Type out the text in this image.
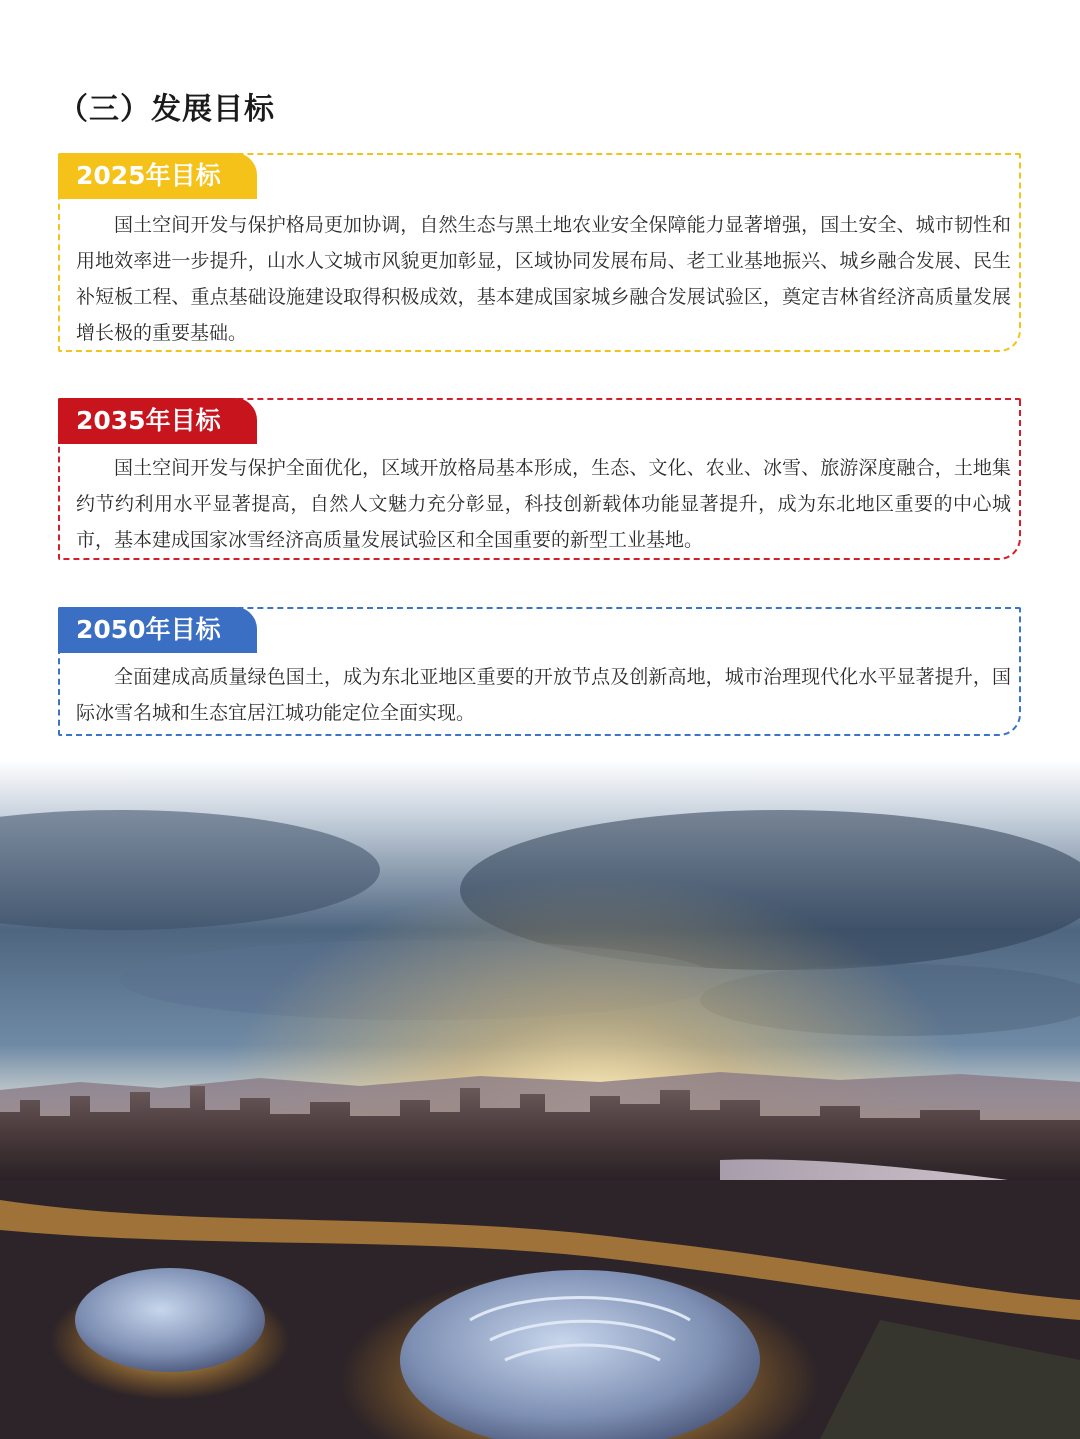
（三）发展目标
2025年目标

国土空间开发与保护格局更加协调，自然生态与黑土地农业安全保障能力显著增强，国土安全、城市韧性和用地效率进一步提升，山水人文城市风貌更加彰显，区域协同发展布局、老工业基地振兴、城乡融合发展、民生补短板工程、重点基础设施建设取得积极成效，基本建成国家城乡融合发展试验区，奠定吉林省经济高质量发展增长极的重要基础。

2035年目标

国土空间开发与保护全面优化，区域开放格局基本形成，生态、文化、农业、冰雪、旅游深度融合，土地集约节约利用水平显著提高，自然人文魅力充分彰显，科技创新载体功能显著提升，成为东北地区重要的中心城市，基本建成国家冰雪经济高质量发展试验区和全国重要的新型工业基地。

2050年目标

全面建成高质量绿色国土，成为东北亚地区重要的开放节点及创新高地，城市治理现代化水平显著提升，国际冰雪名城和生态宜居江城功能定位全面实现。
